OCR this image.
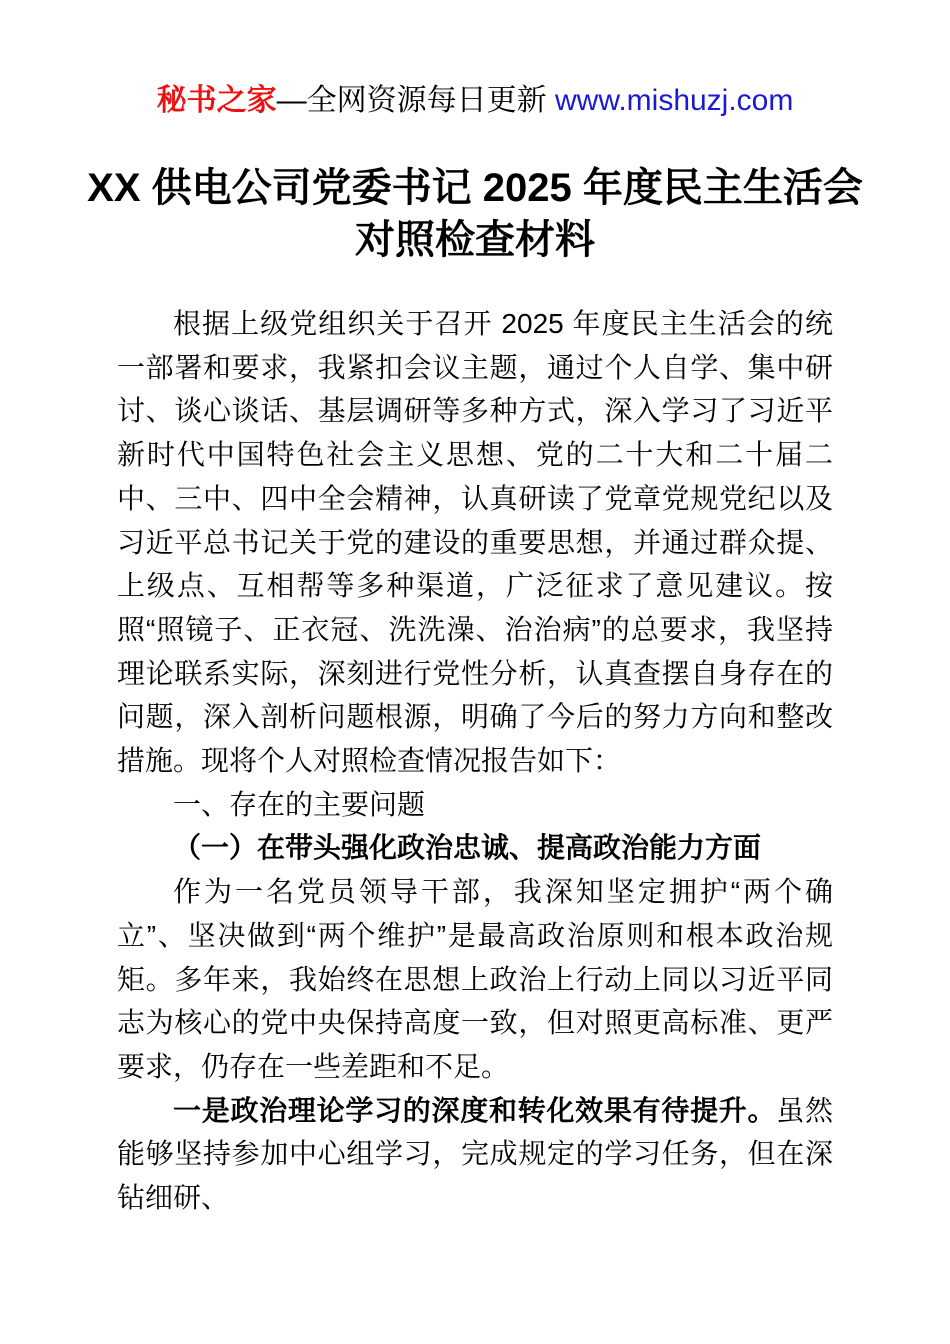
秘书之家—全网资源每日更新 www.mishuzj.com
XX 供电公司党委书记 2025 年度民主生活会
对照检查材料

根据上级党组织关于召开 2025 年度民主生活会的统一部署和要求，我紧扣会议主题，通过个人自学、集中研讨、谈心谈话、基层调研等多种方式，深入学习了习近平新时代中国特色社会主义思想、党的二十大和二十届二中、三中、四中全会精神，认真研读了党章党规党纪以及习近平总书记关于党的建设的重要思想，并通过群众提、上级点、互相帮等多种渠道，广泛征求了意见建议。按照“照镜子、正衣冠、洗洗澡、治治病”的总要求，我坚持理论联系实际，深刻进行党性分析，认真查摆自身存在的问题，深入剖析问题根源，明确了今后的努力方向和整改措施。现将个人对照检查情况报告如下：

一、存在的主要问题

（一）在带头强化政治忠诚、提高政治能力方面

作为一名党员领导干部，我深知坚定拥护“两个确立”、坚决做到“两个维护”是最高政治原则和根本政治规矩。多年来，我始终在思想上政治上行动上同以习近平同志为核心的党中央保持高度一致，但对照更高标准、更严要求，仍存在一些差距和不足。

一是政治理论学习的深度和转化效果有待提升。虽然能够坚持参加中心组学习，完成规定的学习任务，但在深钻细研、
